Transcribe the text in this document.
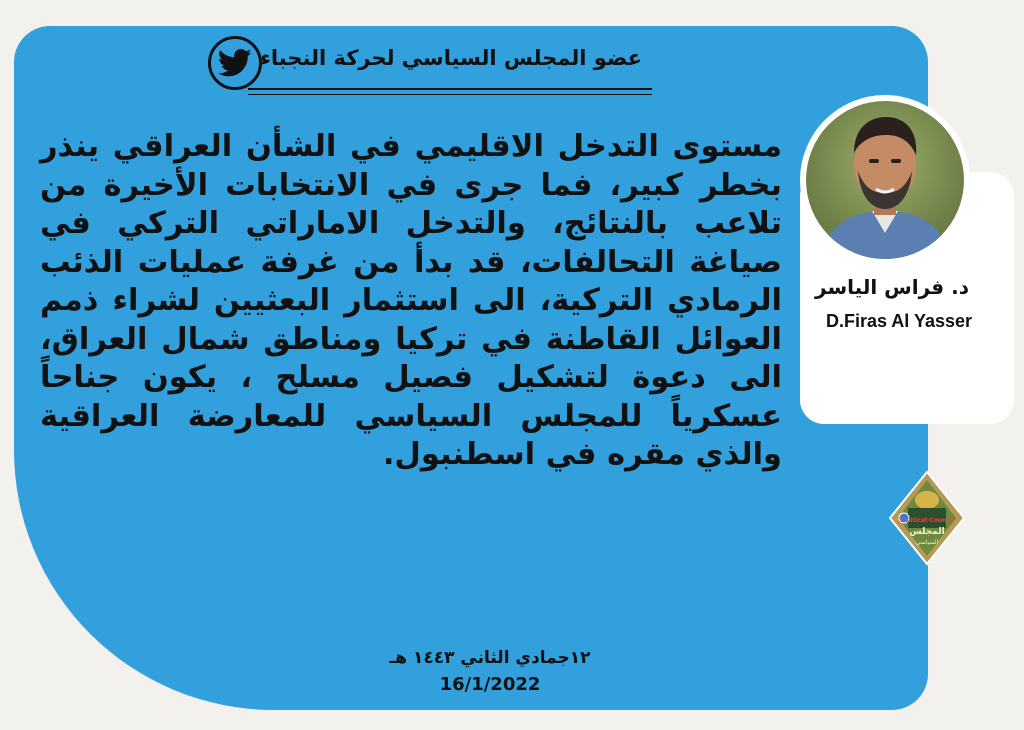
عضو المجلس السياسي لحركة النجباء

مستوى التدخل الاقليمي في الشأن العراقي ينذر بخطر كبير، فما جرى في الانتخابات الأخيرة من تلاعب بالنتائج، والتدخل الاماراتي التركي في صياغة التحالفات، قد بدأ من غرفة عمليات الذئب الرمادي التركية، الى استثمار البعثيين لشراء ذمم العوائل القاطنة في تركيا ومناطق شمال العراق، الى دعوة لتشكيل فصيل مسلح ، يكون جناحاً عسكرياً للمجلس السياسي للمعارضة العراقية والذي مقره في اسطنبول.

١٢جمادي الثاني ١٤٤٣ هـ
16/1/2022
د. فراس الياسر
D.Firas Al Yasser
Political Council
المجلس
السياسي
